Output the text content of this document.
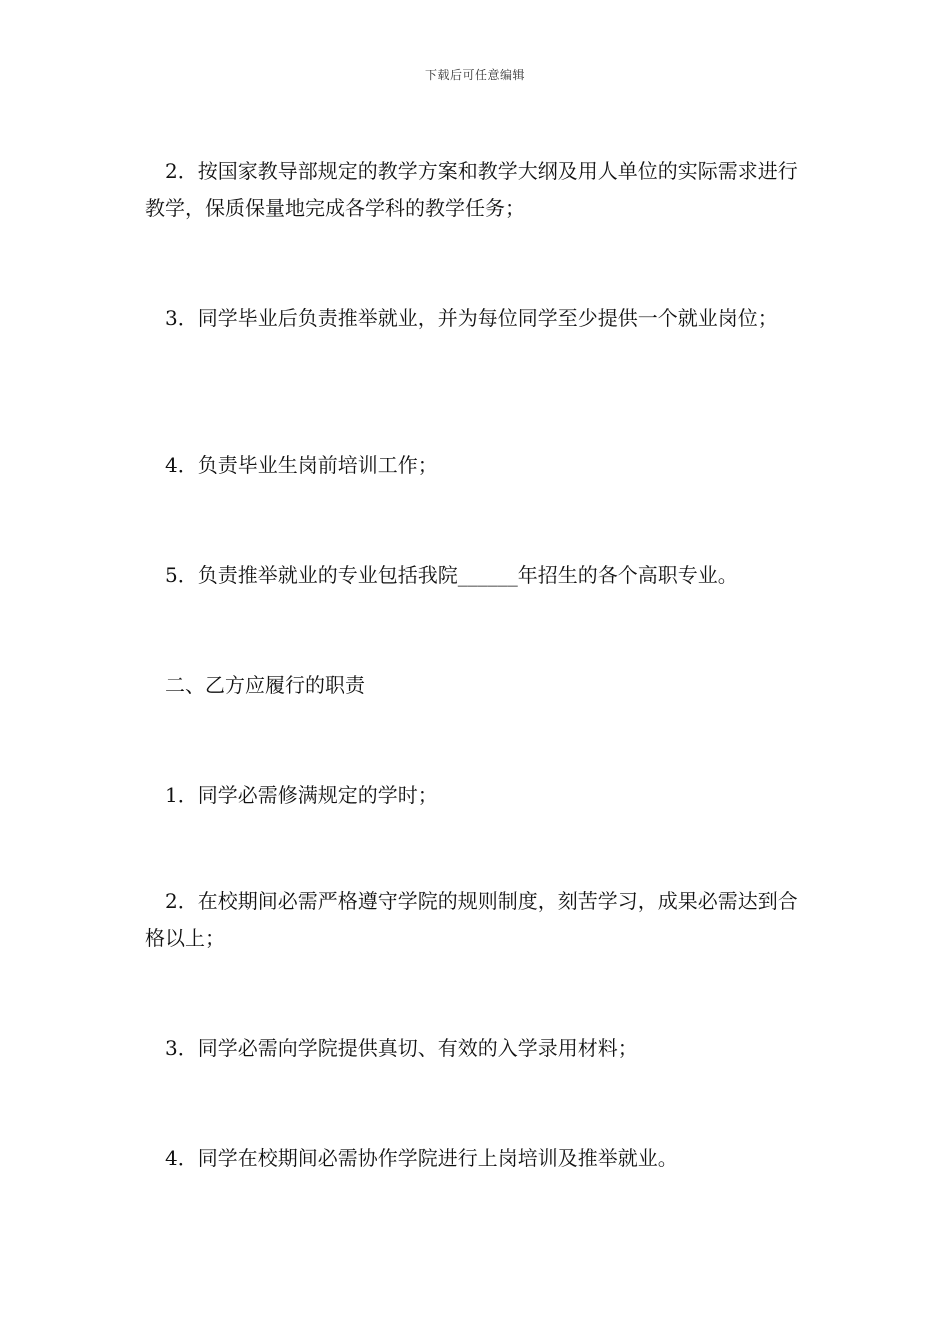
下载后可任意编辑

2．按国家教导部规定的教学方案和教学大纲及用人单位的实际需求进行教学，保质保量地完成各学科的教学任务；

3．同学毕业后负责推举就业，并为每位同学至少提供一个就业岗位；

4．负责毕业生岗前培训工作；

5．负责推举就业的专业包括我院______年招生的各个高职专业。

二、乙方应履行的职责

1．同学必需修满规定的学时；

2．在校期间必需严格遵守学院的规则制度，刻苦学习，成果必需达到合格以上；

3．同学必需向学院提供真切、有效的入学录用材料；

4．同学在校期间必需协作学院进行上岗培训及推举就业。
